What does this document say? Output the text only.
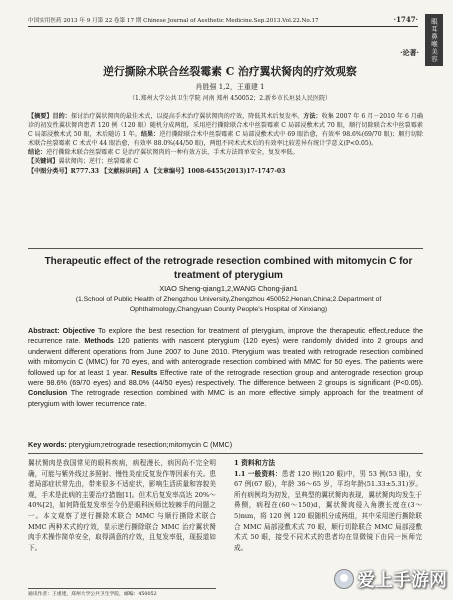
中国实用医药 2013 年 9 月第 22 卷第 17 期 Chinese Journal of Aesthetic Medicine.Sep.2013.Vol.22.No.17	·1747·	眼耳鼻喉美容
·论著·
逆行撕除术联合丝裂霉素 C 治疗翼状胬肉的疗效观察
肖胜强 1,2，王重建 1
（1.郑州大学公共卫生学院 河南 郑州 450052；2.新乡市长垣县人民医院）
【摘要】目的：探讨治疗翼状胬肉的最佳术式，以提高手术治疗翼状胬肉的疗效，降低其术后复发率。方法：收集 2007 年 6 月－2010 年 6 月确诊的初发性翼状胬肉患者 120 例（120 眼）随机分成两组，采用逆行撕除联合术中丝裂霉素 C 局部浸敷术式 70 眼，顺行切除联合术中丝裂霉素 C 局部浸敷术式 50 眼，术后随访 1 年。结果：逆行撕除联合术中丝裂霉素 C 局部浸敷术式中 69 眼治愈，有效率 98.6%(69/70 眼)；顺行切除术联合丝裂霉素 C 术式中 44 眼治愈，有效率 88.0%(44/50 眼)，两组不同术式术后的有效率比较差异有统计学意义(P<0.05)。
结论：逆行撕除术联合丝裂霉素 C 是治疗翼状胬肉的一种有效方法，手术方法简单安全，复发率低。
【关键词】翼状胬肉；逆行；丝裂霉素 C
【中图分类号】R777.33 【文献标识码】A 【文章编号】1008-6455(2013)17-1747-03
Therapeutic effect of the retrograde resection combined with mitomycin C for treatment of pterygium
XIAO Sheng-qiang1,2,WANG Chong-jian1
(1.School of Public Health of Zhengzhou University,Zhengzhou 450052,Henan,China;2.Department of Ophthalmology,Changyuan County People's Hospital of Xinxiang)
Abstract: Objective To explore the best resection for treatment of pterygium, improve the therapeutic effect,reduce the recurrence rate. Methods 120 patients with nascent pterygium (120 eyes) were randomly divided into 2 groups and underwent different operations from June 2007 to June 2010. Pterygium was treated with retrograde resection combined with mitomycin C (MMC) for 70 eyes, and with anterograde resection combined with MMC for 50 eyes. The patients were followed up for at least 1 year. Results Effective rate of the retrograde resection group and anterograde resection group were 98.6% (69/70 eyes) and 88.0% (44/50 eyes) respectively. The difference between 2 groups is significant (P<0.05). Conclusion The retrograde resection combined with MMC is an more effective simply approach for the treatment of pterygium with lower recurrence rate.
Key words: pterygium;retrograde resection;mitomycin C (MMC)
翼状胬肉是我国常见的眼科疾病，病程漫长，病因尚不完全明确，可能与紫外线过多照射、慢性炎症反复发作等因素有关。患者局部症状常先由，带来很多不适症状，影响生活质量和容貌美观，手术是此病的主要治疗措施[1]。但术后复发率高达 20%～40%[2]，如何降低复发率至今仍是眼科医师比较棘手的问题之一。本文观察了逆行撕除术联合 MMC 与顺行撕除术联合 MMC 两种术式的疗效，显示逆行撕除联合 MMC 治疗翼状胬肉手术操作简单安全，取得满意的疗效，且复发率低，现报道如下。
1 资料和方法
1.1 一般资料：患者 120 例(120 眼)中，男 53 例(53 眼)，女 67 例(67 眼)，年龄 36～65 岁，平均年龄(51.33±5.31)岁。所有病例均为初发，呈典型的翼状胬肉表现，翼状胬肉均发生于鼻侧，病程在(60～150)d，翼状胬肉侵入角膜长度在(3～5)mm，将 120 例 120 眼随机分成两组，其中采用逆行撕除联合 MMC 局部浸敷术式 70 眼，顺行切除联合 MMC 局部浸敷术式 50 眼，接受不同术式的患者均在显微镜下由同一医师完成。
通讯作者：王重建，郑州大学公共卫生学院，邮编：450052
爱上手游网
